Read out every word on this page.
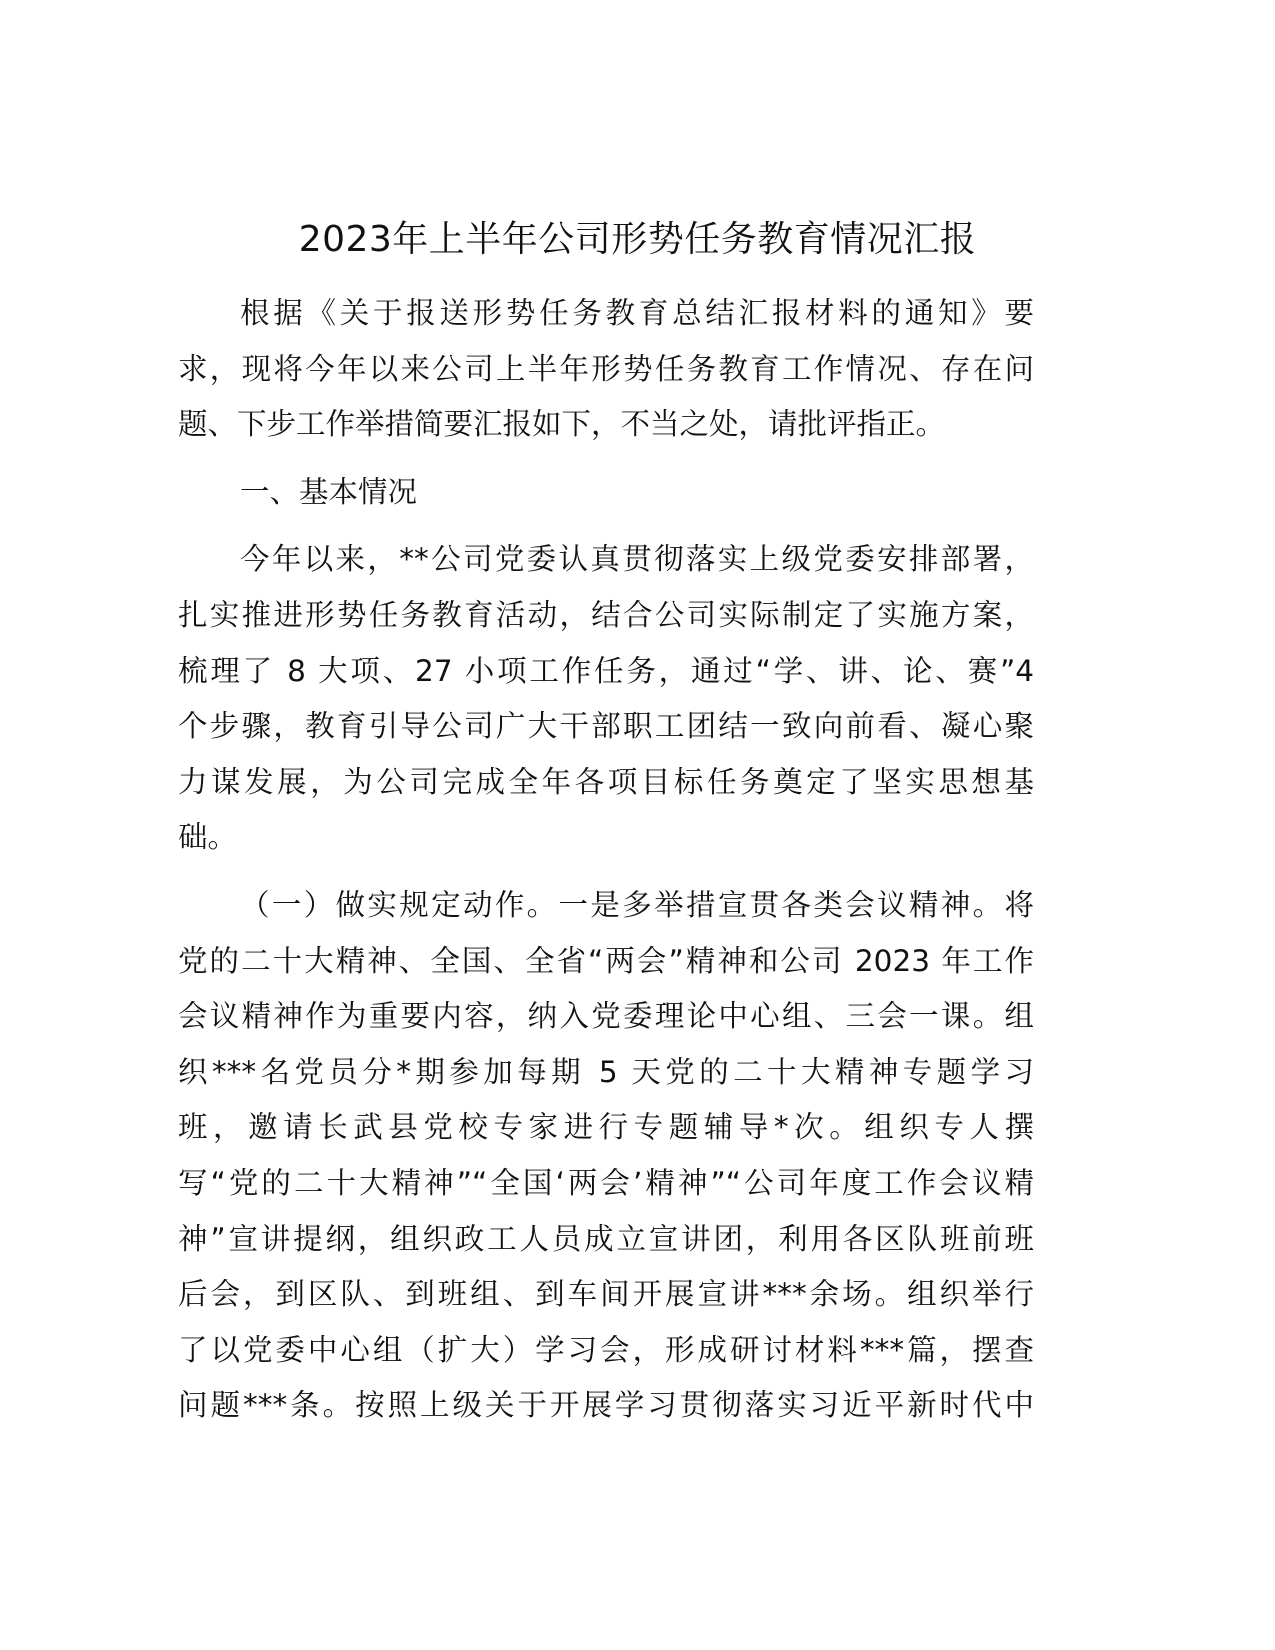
2023年上半年公司形势任务教育情况汇报
根据《关于报送形势任务教育总结汇报材料的通知》要
求，现将今年以来公司上半年形势任务教育工作情况、存在问
题、下步工作举措简要汇报如下，不当之处，请批评指正。
一、基本情况
今年以来，**公司党委认真贯彻落实上级党委安排部署，
扎实推进形势任务教育活动，结合公司实际制定了实施方案，
梳理了 8 大项、27 小项工作任务，通过“学、讲、论、赛”4
个步骤，教育引导公司广大干部职工团结一致向前看、凝心聚
力谋发展，为公司完成全年各项目标任务奠定了坚实思想基
础。
（一）做实规定动作。一是多举措宣贯各类会议精神。将
党的二十大精神、全国、全省“两会”精神和公司 2023 年工作
会议精神作为重要内容，纳入党委理论中心组、三会一课。组
织***名党员分*期参加每期 5 天党的二十大精神专题学习
班，邀请长武县党校专家进行专题辅导*次。组织专人撰
写“党的二十大精神”“全国‘两会’精神”“公司年度工作会议精
神”宣讲提纲，组织政工人员成立宣讲团，利用各区队班前班
后会，到区队、到班组、到车间开展宣讲***余场。组织举行
了以党委中心组（扩大）学习会，形成研讨材料***篇，摆查
问题***条。按照上级关于开展学习贯彻落实习近平新时代中
